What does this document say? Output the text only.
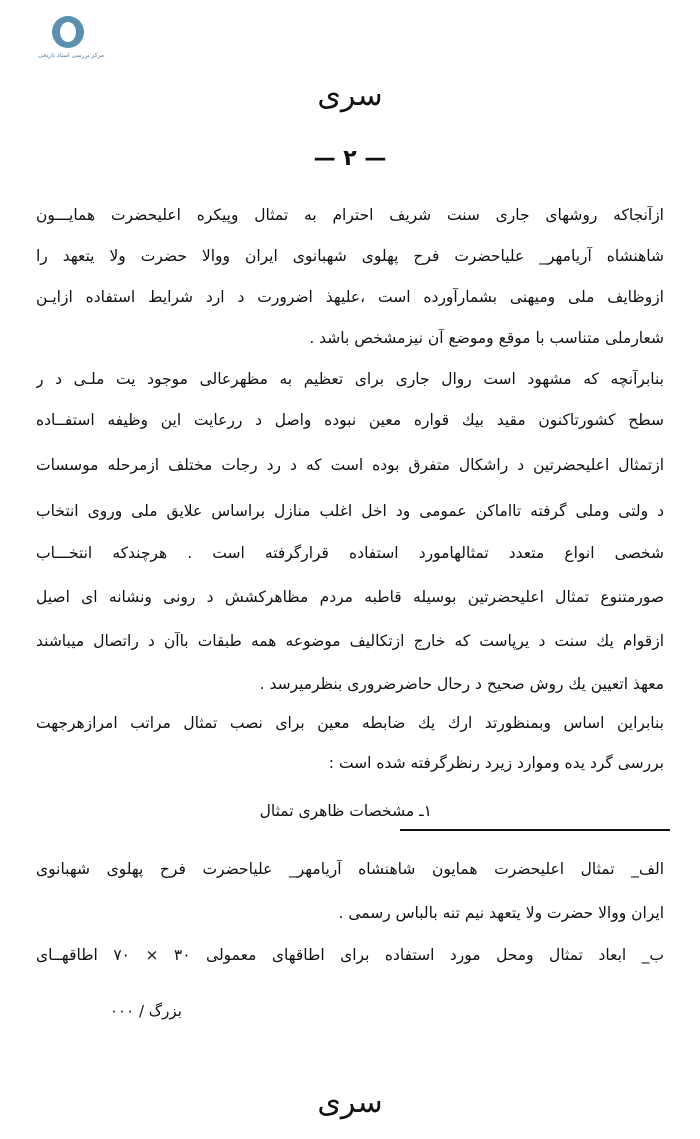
مرکز بررسی اسناد تاریخی
سری
— ۲ —
ازآنجاکه روشهای جاری سنت شریف احترام به تمثال وپیکره اعلیحضرت همایـــون
شاهنشاه آریامهر_ علیاحضرت فرح پهلوی شهبانوی ایران ووالا حضرت ولا یتعهد را
ازوظایف ملی ومیهنی بشمارآورده است ،علیهذ اضرورت د ارد شرایط استفاده ازایـن
شعارملی متناسب با موقع وموضع آن نیزمشخص باشد .
بنابرآنچه که مشهود است روال جاری برای تعظیم به مظهرعالی موجود یت ملـی د ر
سطح کشورتاکنون مقید بیك قواره معین نبوده واصل د ررعایت این وظیفه استفــاده
ازتمثال اعلیحضرتین د راشکال متفرق بوده است که د رد رجات مختلف ازمرحله موسسات
د ولتی وملی گرفته تااماکن عمومی ود اخل اغلب منازل براساس علایق ملی وروی انتخاب
شخصی انواع متعدد تمثالهامورد استفاده قرارگرفته است . هرچندکه انتخـــاب
صورمتنوع تمثال اعلیحضرتین بوسیله قاطبه مردم مظاهرکشش د رونی ونشانه ای اصیل
ازقوام یك سنت د یرپاست که خارج ازتکالیف موضوعه همه طبقات باآن د راتصال میباشند
معهذ اتعیین یك روش صحیح د رحال حاضرضروری بنظرمیرسد .
بنابراین اساس وبمنظورتد ارك یك ضابطه معین برای نصب تمثال مراتب امرازهرجهت
بررسی گرد یده وموارد زیرد رنظرگرفته شده است :
۱ـ مشخصات ظاهری تمثال
الف_ تمثال اعلیحضرت همایون شاهنشاه آریامهر_ علیاحضرت فرح پهلوی شهبانوی
ایران ووالا حضرت ولا یتعهد نیم تنه بالباس رسمی .
ب_ ابعاد تمثال ومحل مورد استفاده برای اطاقهای معمولی ۳۰ × ۷۰ اطاقهــای
بزرگ / ۰۰۰
سری
